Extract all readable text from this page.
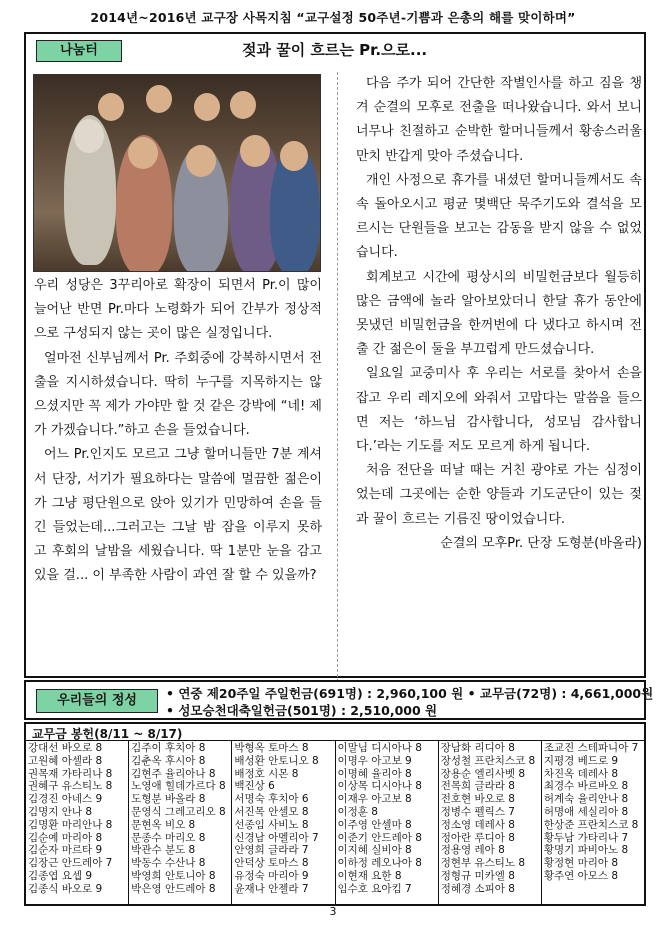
2014년~2016년 교구장 사목지침 “교구설정 50주년-기쁨과 은총의 해를 맞이하며”
나눔터	젖과 꿀이 흐르는 Pr.으로...

우리 성당은 3꾸리아로 확장이 되면서 Pr.이 많이 늘어난 반면 Pr.마다 노령화가 되어 간부가 정상적으로 구성되지 않는 곳이 많은 실정입니다.

얼마전 신부님께서 Pr. 주회중에 강복하시면서 전출을 지시하셨습니다. 딱히 누구를 지목하지는 않으셨지만 꼭 제가 가야만 할 것 같은 강박에 “네! 제가 가겠습니다.”하고 손을 들었습니다.

어느 Pr.인지도 모르고 그냥 할머니들만 7분 계셔서 단장, 서기가 필요하다는 말씀에 멀끔한 젊은이가 그냥 평단원으로 앉아 있기가 민망하여 손을 들긴 들었는데...그러고는 그날 밤 잠을 이루지 못하고 후회의 날밤을 세웠습니다. 딱 1분만 눈을 감고 있을 걸... 이 부족한 사람이 과연 잘 할 수 있을까?

다음 주가 되어 간단한 작별인사를 하고 짐을 챙겨 순결의 모후로 전출을 떠나왔습니다. 와서 보니 너무나 친절하고 순박한 할머니들께서 황송스러울만치 반갑게 맞아 주셨습니다.

개인 사정으로 휴가를 내셨던 할머니들께서도 속속 돌아오시고 평균 몇백단 묵주기도와 결석을 모르시는 단원들을 보고는 감동을 받지 않을 수 없었습니다.

회계보고 시간에 평상시의 비밀헌금보다 월등히 많은 금액에 놀라 알아보았더니 한달 휴가 동안에 못냈던 비밀헌금을 한꺼번에 다 냈다고 하시며 전출 간 젊은이 둘을 부끄럽게 만드셨습니다.

일요일 교중미사 후 우리는 서로를 찾아서 손을 잡고 우리 레지오에 와줘서 고맙다는 말씀을 들으면 저는 ‘하느님 감사합니다, 성모님 감사합니다.’라는 기도를 저도 모르게 하게 됩니다.

처음 전단을 떠날 때는 거친 광야로 가는 심정이었는데 그곳에는 순한 양들과 기도군단이 있는 젖과 꿀이 흐르는 기름진 땅이었습니다.

순결의 모후Pr. 단장 도형분(바올라)

우리들의 정성	• 연중 제20주일 주일헌금(691명) : 2,960,100 원 • 교무금(72명) : 4,661,000원
• 성모승천대축일헌금(501명) : 2,510,000 원
교무금 봉헌(8/11 ~ 8/17)
강대선 바오로 8
고원혜 아셀라 8
권목재 가타리나 8
권혜구 유스티노 8
김경진 아네스 9
김명지 안나 8
김명환 마리안나 8
김순예 마리아 8
김순자 마르타 9
김장근 안드레아 7
김종엽 요셉 9
김종식 바오로 9
김주이 후치아 8
김춘옥 후시아 8
김현주 율리아나 8
노영애 힐데가르다 8
도형분 바올라 8
문영식 그레고리오 8
문현옥 비오 8
문종수 마리오 8
박관수 분도 8
박동수 수산나 8
박영희 안토니아 8
박은영 안드레아 8
박형옥 토마스 8
배성환 안토니오 8
배정호 시몬 8
백진상 6
서명숙 후치아 6
서진목 안셀모 8
선종임 사비노 8
신경남 아멜리아 7
안영희 글라라 7
안덕상 토마스 8
유정숙 마리아 9
윤재나 안젤라 7
이말님 디시아나 8
이명우 아고보 9
이명혜 율리아 8
이상목 디시아나 8
이재우 아고보 8
이정훈 8
이주영 안셀마 8
이준기 안드레아 8
이지혜 실비아 8
이하정 레오나아 8
이현재 요한 8
임수호 요아킴 7
장남화 리디아 8
장성철 프란치스코 8
장용순 엘리사벳 8
전목희 글라라 8
전호현 바오로 8
정병수 펠릭스 7
정소영 데레사 8
정아란 루디아 8
정용영 레아 8
정현부 유스티노 8
정형규 미카엘 8
정혜경 소피아 8
조교진 스테파니아 7
지평경 베드로 9
차진옥 데레사 8
최경수 바르바오 8
허계숙 율리안나 8
허명애 세실리아 8
한상준 프란치스코 8
황두남 가타리나 7
황명기 파비아노 8
황정현 마리아 8
황주연 아모스 8
3
